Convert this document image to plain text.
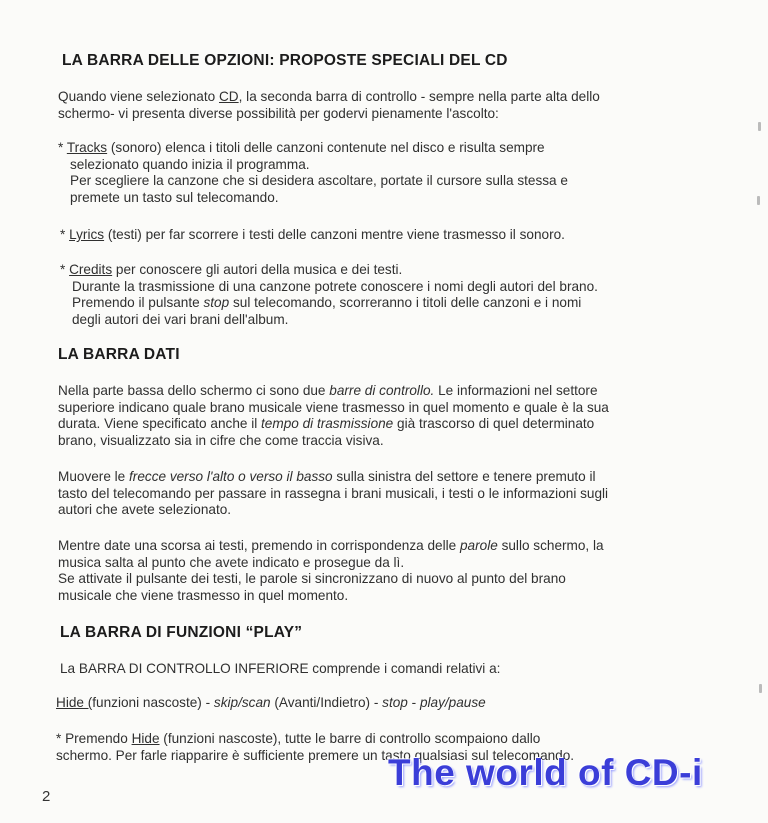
LA BARRA DELLE OPZIONI: PROPOSTE SPECIALI DEL CD
Quando viene selezionato CD, la seconda barra di controllo - sempre nella parte alta dello
schermo- vi presenta diverse possibilità per godervi pienamente l'ascolto:
* Tracks (sonoro) elenca i titoli delle canzoni contenute nel disco e risulta sempre
selezionato quando inizia il programma.
Per scegliere la canzone che si desidera ascoltare, portate il cursore sulla stessa e
premete un tasto sul telecomando.
* Lyrics (testi) per far scorrere i testi delle canzoni mentre viene trasmesso il sonoro.
* Credits per conoscere gli autori della musica e dei testi.
Durante la trasmissione di una canzone potrete conoscere i nomi degli autori del brano.
Premendo il pulsante stop sul telecomando, scorreranno i titoli delle canzoni e i nomi
degli autori dei vari brani dell'album.
LA BARRA DATI
Nella parte bassa dello schermo ci sono due barre di controllo. Le informazioni nel settore
superiore indicano quale brano musicale viene trasmesso in quel momento e quale è la sua
durata. Viene specificato anche il tempo di trasmissione già trascorso di quel determinato
brano, visualizzato sia in cifre che come traccia visiva.
Muovere le frecce verso l'alto o verso il basso sulla sinistra del settore e tenere premuto il
tasto del telecomando per passare in rassegna i brani musicali, i testi o le informazioni sugli
autori che avete selezionato.
Mentre date una scorsa ai testi, premendo in corrispondenza delle parole sullo schermo, la
musica salta al punto che avete indicato e prosegue da lì.
Se attivate il pulsante dei testi, le parole si sincronizzano di nuovo al punto del brano
musicale che viene trasmesso in quel momento.
LA BARRA DI FUNZIONI “PLAY”
La BARRA DI CONTROLLO INFERIORE comprende i comandi relativi a:
Hide (funzioni nascoste) - skip/scan (Avanti/Indietro) - stop - play/pause
* Premendo Hide (funzioni nascoste), tutte le barre di controllo scompaiono dallo
schermo. Per farle riapparire è sufficiente premere un tasto qualsiasi sul telecomando.
2
The world of CD-i
